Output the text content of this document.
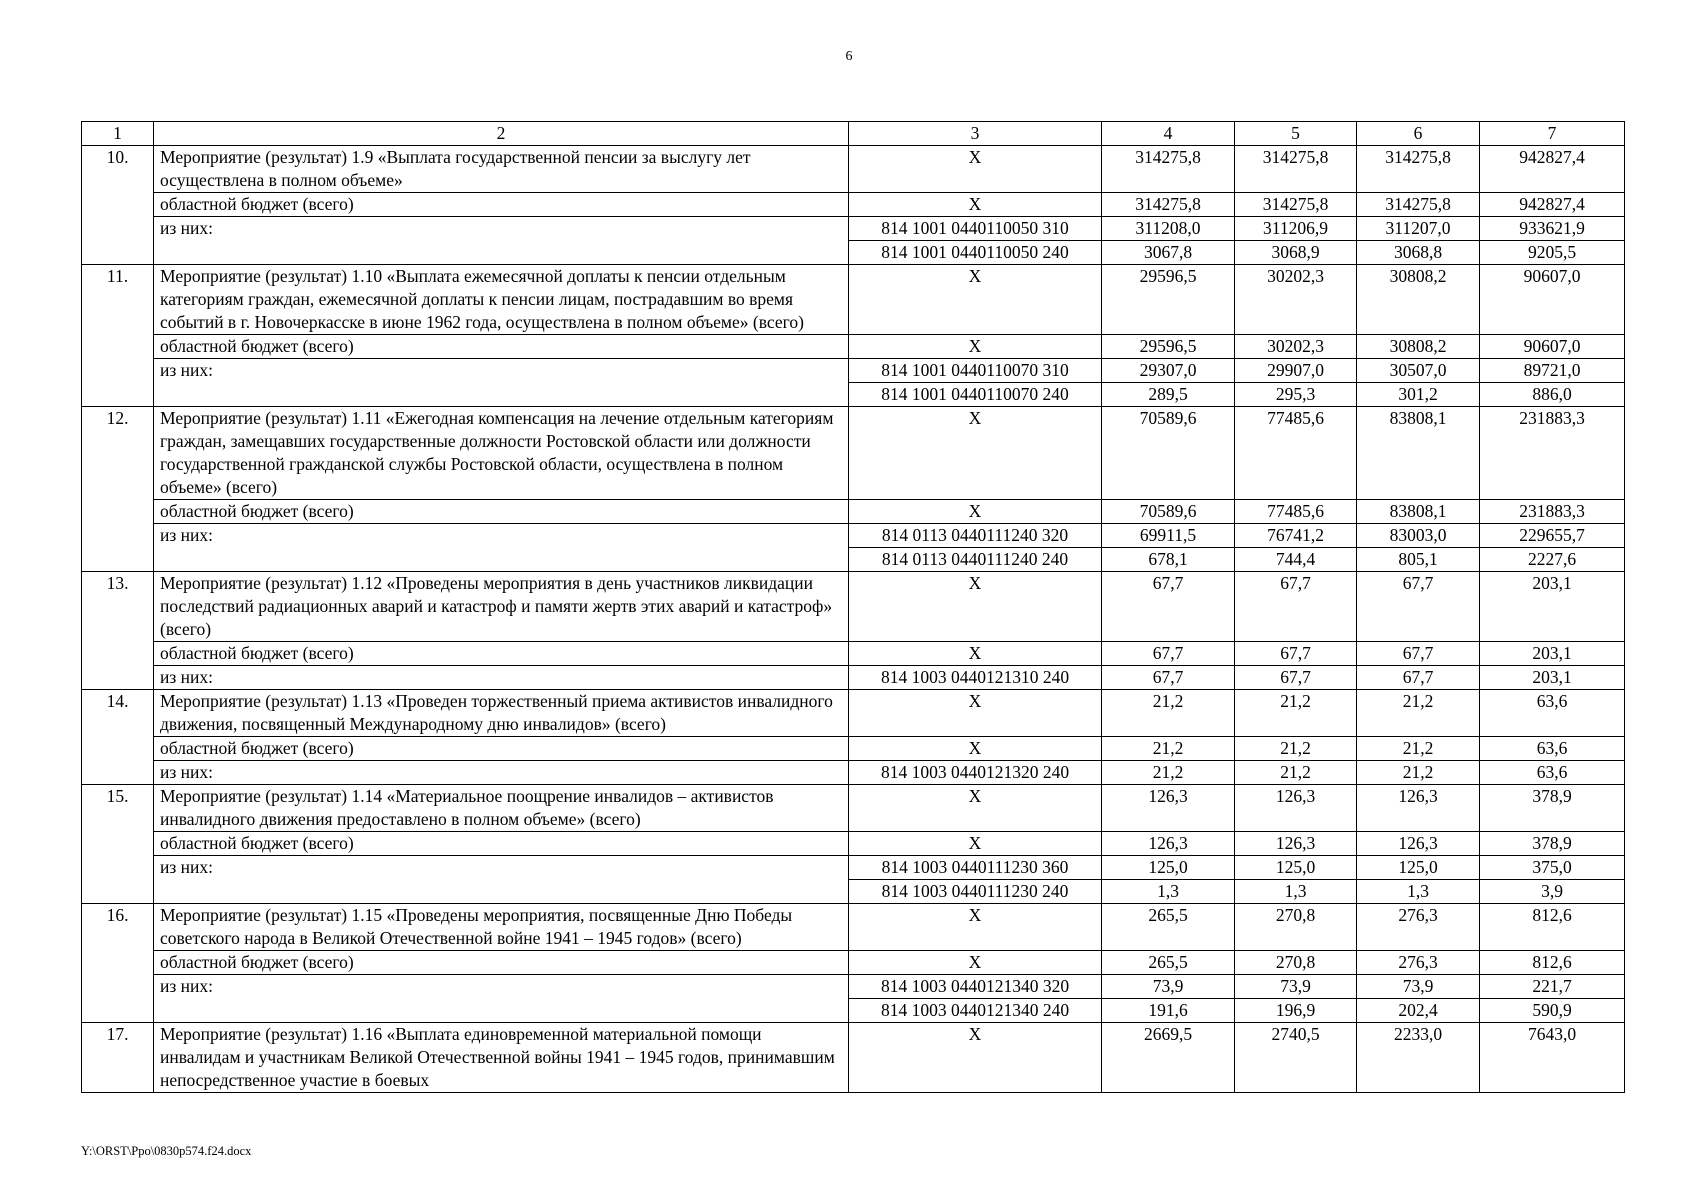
6
1	2	3	4	5	6	7
10.	Мероприятие (результат) 1.9 «Выплата государственной пенсии за выслугу лет осуществлена в полном объеме»	Х	314275,8	314275,8	314275,8	942827,4
	областной бюджет (всего)	Х	314275,8	314275,8	314275,8	942827,4
	из них:	814 1001 0440110050 310	311208,0	311206,9	311207,0	933621,9
		814 1001 0440110050 240	3067,8	3068,9	3068,8	9205,5
11.	Мероприятие (результат) 1.10 «Выплата ежемесячной доплаты к пенсии отдельным категориям граждан, ежемесячной доплаты к пенсии лицам, пострадавшим во время событий в г. Новочеркасске в июне 1962 года, осуществлена в полном объеме» (всего)	Х	29596,5	30202,3	30808,2	90607,0
	областной бюджет (всего)	Х	29596,5	30202,3	30808,2	90607,0
	из них:	814 1001 0440110070 310	29307,0	29907,0	30507,0	89721,0
		814 1001 0440110070 240	289,5	295,3	301,2	886,0
12.	Мероприятие (результат) 1.11 «Ежегодная компенсация на лечение отдельным категориям граждан, замещавших государственные должности Ростовской области или должности государственной гражданской службы Ростовской области, осуществлена в полном объеме» (всего)	Х	70589,6	77485,6	83808,1	231883,3
	областной бюджет (всего)	Х	70589,6	77485,6	83808,1	231883,3
	из них:	814 0113 0440111240 320	69911,5	76741,2	83003,0	229655,7
		814 0113 0440111240 240	678,1	744,4	805,1	2227,6
13.	Мероприятие (результат) 1.12 «Проведены мероприятия в день участников ликвидации последствий радиационных аварий и катастроф и памяти жертв этих аварий и катастроф» (всего)	Х	67,7	67,7	67,7	203,1
	областной бюджет (всего)	Х	67,7	67,7	67,7	203,1
	из них:	814 1003 0440121310 240	67,7	67,7	67,7	203,1
14.	Мероприятие (результат) 1.13 «Проведен торжественный приема активистов инвалидного движения, посвященный Международному дню инвалидов» (всего)	Х	21,2	21,2	21,2	63,6
	областной бюджет (всего)	Х	21,2	21,2	21,2	63,6
	из них:	814 1003 0440121320 240	21,2	21,2	21,2	63,6
15.	Мероприятие (результат) 1.14 «Материальное поощрение инвалидов – активистов инвалидного движения предоставлено в полном объеме» (всего)	Х	126,3	126,3	126,3	378,9
	областной бюджет (всего)	Х	126,3	126,3	126,3	378,9
	из них:	814 1003 0440111230 360	125,0	125,0	125,0	375,0
		814 1003 0440111230 240	1,3	1,3	1,3	3,9
16.	Мероприятие (результат) 1.15 «Проведены мероприятия, посвященные Дню Победы советского народа в Великой Отечественной войне 1941 – 1945 годов» (всего)	Х	265,5	270,8	276,3	812,6
	областной бюджет (всего)	Х	265,5	270,8	276,3	812,6
	из них:	814 1003 0440121340 320	73,9	73,9	73,9	221,7
		814 1003 0440121340 240	191,6	196,9	202,4	590,9
17.	Мероприятие (результат) 1.16 «Выплата единовременной материальной помощи инвалидам и участникам Великой Отечественной войны 1941 – 1945 годов, принимавшим непосредственное участие в боевых	Х	2669,5	2740,5	2233,0	7643,0
Y:\ORST\Ppo\0830p574.f24.docx
